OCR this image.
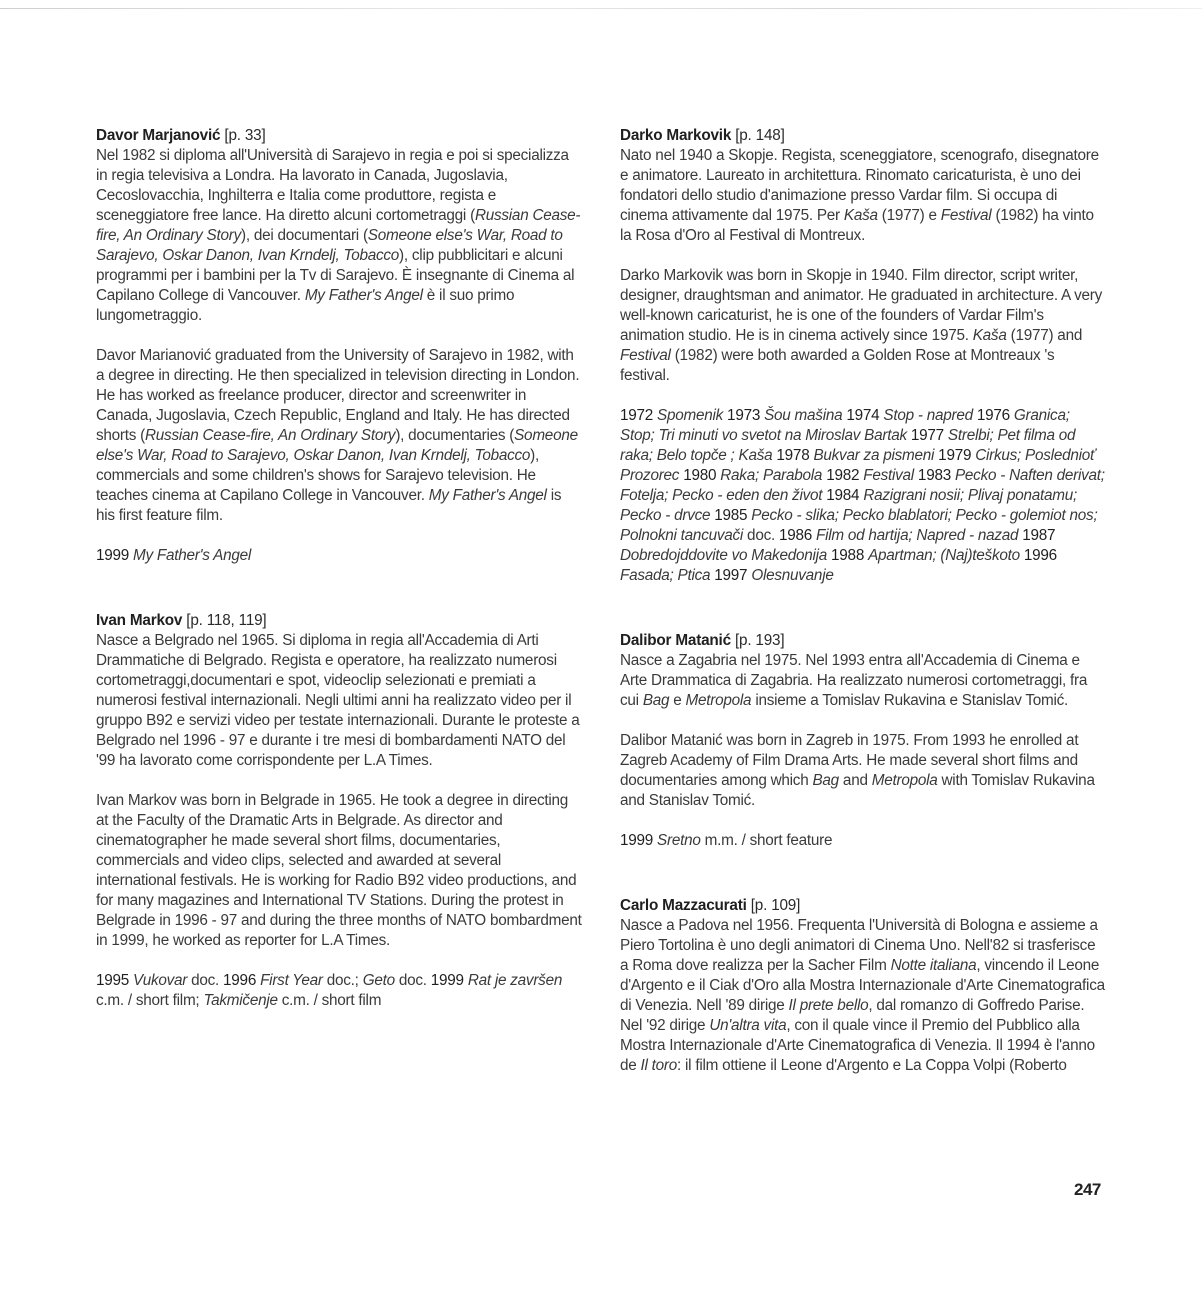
Davor Marjanović [p. 33]

Nel 1982 si diploma all'Università di Sarajevo in regia e poi si specializza in regia televisiva a Londra. Ha lavorato in Canada, Jugoslavia, Cecoslovacchia, Inghilterra e Italia come produttore, regista e sceneggiatore free lance. Ha diretto alcuni cortometraggi (Russian Cease-fire, An Ordinary Story), dei documentari (Someone else's War, Road to Sarajevo, Oskar Danon, Ivan Krndelj, Tobacco), clip pubblicitari e alcuni programmi per i bambini per la Tv di Sarajevo. È insegnante di Cinema al Capilano College di Vancouver. My Father's Angel è il suo primo lungometraggio.

Davor Marianović graduated from the University of Sarajevo in 1982, with a degree in directing. He then specialized in television directing in London. He has worked as freelance producer, director and screenwriter in Canada, Jugoslavia, Czech Republic, England and Italy. He has directed shorts (Russian Cease-fire, An Ordinary Story), documentaries (Someone else's War, Road to Sarajevo, Oskar Danon, Ivan Krndelj, Tobacco), commercials and some children's shows for Sarajevo television. He teaches cinema at Capilano College in Vancouver. My Father's Angel is his first feature film.

1999 My Father's Angel

Ivan Markov [p. 118, 119]

Nasce a Belgrado nel 1965. Si diploma in regia all'Accademia di Arti Drammatiche di Belgrado. Regista e operatore, ha realizzato numerosi cortometraggi,documentari e spot, videoclip selezionati e premiati a numerosi festival internazionali. Negli ultimi anni ha realizzato video per il gruppo B92 e servizi video per testate internazionali. Durante le proteste a Belgrado nel 1996 - 97 e durante i tre mesi di bombardamenti NATO del '99 ha lavorato come corrispondente per L.A Times.

Ivan Markov was born in Belgrade in 1965. He took a degree in directing at the Faculty of the Dramatic Arts in Belgrade. As director and cinematographer he made several short films, documentaries, commercials and video clips, selected and awarded at several international festivals. He is working for Radio B92 video productions, and for many magazines and International TV Stations. During the protest in Belgrade in 1996 - 97 and during the three months of NATO bombardment in 1999, he worked as reporter for L.A Times.

1995 Vukovar doc. 1996 First Year doc.; Geto doc. 1999 Rat je završen c.m. / short film; Takmičenje c.m. / short film

Darko Markovik [p. 148]

Nato nel 1940 a Skopje. Regista, sceneggiatore, scenografo, disegnatore e animatore. Laureato in architettura. Rinomato caricaturista, è uno dei fondatori dello studio d'animazione presso Vardar film. Si occupa di cinema attivamente dal 1975. Per Kaša (1977) e Festival (1982) ha vinto la Rosa d'Oro al Festival di Montreux.

Darko Markovik was born in Skopje in 1940. Film director, script writer, designer, draughtsman and animator. He graduated in architecture. A very well-known caricaturist, he is one of the founders of Vardar Film's animation studio. He is in cinema actively since 1975. Kaša (1977) and Festival (1982) were both awarded a Golden Rose at Montreaux 's festival.

1972 Spomenik 1973 Šou mašina 1974 Stop - napred 1976 Granica; Stop; Tri minuti vo svetot na Miroslav Bartak 1977 Strelbi; Pet filma od raka; Belo topče ; Kaša 1978 Bukvar za pismeni 1979 Cirkus; Poslednioť Prozorec 1980 Raka; Parabola 1982 Festival 1983 Pecko - Naften derivat; Fotelja; Pecko - eden den život 1984 Razigrani nosii; Plivaj ponatamu; Pecko - drvce 1985 Pecko - slika; Pecko blablatori; Pecko - golemiot nos; Polnokni tancuvači doc. 1986 Film od hartija; Napred - nazad 1987 Dobredojddovite vo Makedonija 1988 Apartman; (Naj)teškoto 1996 Fasada; Ptica 1997 Olesnuvanje

Dalibor Matanić [p. 193]

Nasce a Zagabria nel 1975. Nel 1993 entra all'Accademia di Cinema e Arte Drammatica di Zagabria. Ha realizzato numerosi cortometraggi, fra cui Bag e Metropola insieme a Tomislav Rukavina e Stanislav Tomić.

Dalibor Matanić was born in Zagreb in 1975. From 1993 he enrolled at Zagreb Academy of Film Drama Arts. He made several short films and documentaries among which Bag and Metropola with Tomislav Rukavina and Stanislav Tomić.

1999 Sretno m.m. / short feature

Carlo Mazzacurati [p. 109]

Nasce a Padova nel 1956. Frequenta l'Università di Bologna e assieme a Piero Tortolina è uno degli animatori di Cinema Uno. Nell'82 si trasferisce a Roma dove realizza per la Sacher Film Notte italiana, vincendo il Leone d'Argento e il Ciak d'Oro alla Mostra Internazionale d'Arte Cinematografica di Venezia. Nell '89 dirige Il prete bello, dal romanzo di Goffredo Parise. Nel '92 dirige Un'altra vita, con il quale vince il Premio del Pubblico alla Mostra Internazionale d'Arte Cinematografica di Venezia. Il 1994 è l'anno de Il toro: il film ottiene il Leone d'Argento e La Coppa Volpi (Roberto

247
